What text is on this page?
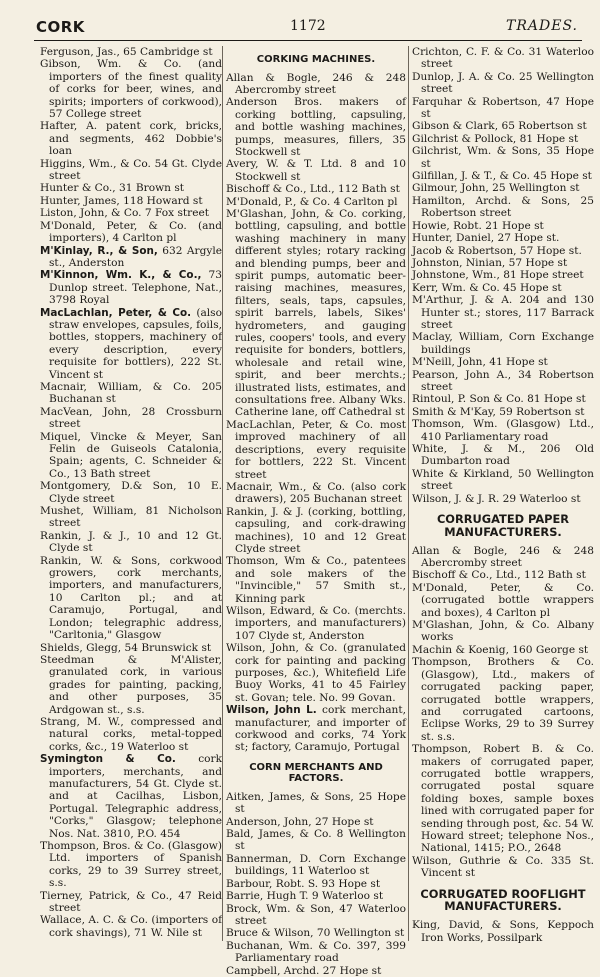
CORK	1172	TRADES.

Ferguson, Jas., 65 Cambridge st

Gibson, Wm. & Co. (and importers of the finest quality of corks for beer, wines, and spirits; importers of corkwood), 57 College street

Hafter, A. patent cork, bricks, and segments, 462 Dobbie's loan

Higgins, Wm., & Co. 54 Gt. Clyde street

Hunter & Co., 31 Brown st

Hunter, James, 118 Howard st

Liston, John, & Co. 7 Fox street

M'Donald, Peter, & Co. (and importers), 4 Carlton pl

M'Kinlay, R., & Son, 632 Argyle st., Anderston

M'Kinnon, Wm. K., & Co., 73 Dunlop street. Telephone, Nat., 3798 Royal

MacLachlan, Peter, & Co. (also straw envelopes, capsules, foils, bottles, stoppers, machinery of every description, every requisite for bottlers), 222 St. Vincent st

Macnair, William, & Co. 205 Buchanan st

MacVean, John, 28 Crossburn street

Miquel, Vincke & Meyer, San Felin de Guiseols Catalonia, Spain; agents, C. Schneider & Co., 13 Bath street

Montgomery, D.& Son, 10 E. Clyde street

Mushet, William, 81 Nicholson street

Rankin, J. & J., 10 and 12 Gt. Clyde st

Rankin, W. & Sons, corkwood growers, cork merchants, importers, and manufacturers, 10 Carlton pl.; and at Caramujo, Portugal, and London; telegraphic address, "Carltonia," Glasgow

Shields, Glegg, 54 Brunswick st

Steedman & M'Alister, granulated cork, in various grades for painting, packing, and other purposes, 35 Ardgowan st., s.s.

Strang, M. W., compressed and natural corks, metal-topped corks, &c., 19 Waterloo st

Symington & Co. cork importers, merchants, and manufacturers, 54 Gt. Clyde st. and at Cacilhas, Lisbon, Portugal. Telegraphic address, "Corks," Glasgow; telephone Nos. Nat. 3810, P.O. 454

Thompson, Bros. & Co. (Glasgow) Ltd. importers of Spanish corks, 29 to 39 Surrey street, s.s.

Tierney, Patrick, & Co., 47 Reid street

Wallace, A. C. & Co. (importers of cork shavings), 71 W. Nile st

CORKING MACHINES.

Allan & Bogle, 246 & 248 Abercromby street

Anderson Bros. makers of corking bottling, capsuling, and bottle washing machines, pumps, measures, fillers, 35 Stockwell st

Avery, W. & T. Ltd. 8 and 10 Stockwell st

Bischoff & Co., Ltd., 112 Bath st

M'Donald, P., & Co. 4 Carlton pl

M'Glashan, John, & Co. corking, bottling, capsuling, and bottle washing machinery in many different styles; rotary racking and blending pumps, beer and spirit pumps, automatic beer-raising machines, measures, filters, seals, taps, capsules, spirit barrels, labels, Sikes' hydrometers, and gauging rules, coopers' tools, and every requisite for bonders, bottlers, wholesale and retail wine, spirit, and beer merchts.; illustrated lists, estimates, and consultations free. Albany Wks. Catherine lane, off Cathedral st

MacLachlan, Peter, & Co. most improved machinery of all descriptions, every requisite for bottlers, 222 St. Vincent street

Macnair, Wm., & Co. (also cork drawers), 205 Buchanan street

Rankin, J. & J. (corking, bottling, capsuling, and cork-drawing machines), 10 and 12 Great Clyde street

Thomson, Wm & Co., patentees and sole makers of the "Invincible," 57 Smith st., Kinning park

Wilson, Edward, & Co. (merchts. importers, and manufacturers) 107 Clyde st, Anderston

Wilson, John, & Co. (granulated cork for painting and packing purposes, &c.), Whitefield Life Buoy Works, 41 to 45 Fairley st. Govan; tele. No. 99 Govan.

Wilson, John L. cork merchant, manufacturer, and importer of corkwood and corks, 74 York st; factory, Caramujo, Portugal

CORN MERCHANTS AND FACTORS.

Aitken, James, & Sons, 25 Hope st

Anderson, John, 27 Hope st

Bald, James, & Co. 8 Wellington st

Bannerman, D. Corn Exchange buildings, 11 Waterloo st

Barbour, Robt. S. 93 Hope st

Barrie, Hugh T. 9 Waterloo st

Brock, Wm. & Son, 47 Waterloo street

Bruce & Wilson, 70 Wellington st

Buchanan, Wm. & Co. 397, 399 Parliamentary road

Campbell, Archd. 27 Hope st

Crichton, C. F. & Co. 31 Waterloo street

Dunlop, J. A. & Co. 25 Wellington street

Farquhar & Robertson, 47 Hope st

Gibson & Clark, 65 Robertson st

Gilchrist & Pollock, 81 Hope st

Gilchrist, Wm. & Sons, 35 Hope st

Gilfillan, J. & T., & Co. 45 Hope st

Gilmour, John, 25 Wellington st

Hamilton, Archd. & Sons, 25 Robertson street

Howie, Robt. 21 Hope st

Hunter, Daniel, 27 Hope st.

Jacob & Robertson, 57 Hope st.

Johnston, Ninian, 57 Hope st

Johnstone, Wm., 81 Hope street

Kerr, Wm. & Co. 45 Hope st

M'Arthur, J. & A. 204 and 130 Hunter st.; stores, 117 Barrack street

Maclay, William, Corn Exchange buildings

M'Neill, John, 41 Hope st

Pearson, John A., 34 Robertson street

Rintoul, P. Son & Co. 81 Hope st

Smith & M'Kay, 59 Robertson st

Thomson, Wm. (Glasgow) Ltd., 410 Parliamentary road

White, J. & M., 206 Old Dumbarton road

White & Kirkland, 50 Wellington street

Wilson, J. & J. R. 29 Waterloo st

CORRUGATED PAPER MANUFACTURERS.

Allan & Bogle, 246 & 248 Abercromby street

Bischoff & Co., Ltd., 112 Bath st

M'Donald, Peter, & Co. (corrugated bottle wrappers and boxes), 4 Carlton pl

M'Glashan, John, & Co. Albany works

Machin & Koenig, 160 George st

Thompson, Brothers & Co. (Glasgow), Ltd., makers of corrugated packing paper, corrugated bottle wrappers, and corrugated cartoons, Eclipse Works, 29 to 39 Surrey st. s.s.

Thompson, Robert B. & Co. makers of corrugated paper, corrugated bottle wrappers, corrugated postal square folding boxes, sample boxes lined with corrugated paper for sending through post, &c. 54 W. Howard street; telephone Nos., National, 1415; P.O., 2648

Wilson, Guthrie & Co. 335 St. Vincent st

CORRUGATED ROOFLIGHT MANUFACTURERS.

King, David, & Sons, Keppoch Iron Works, Possilpark
